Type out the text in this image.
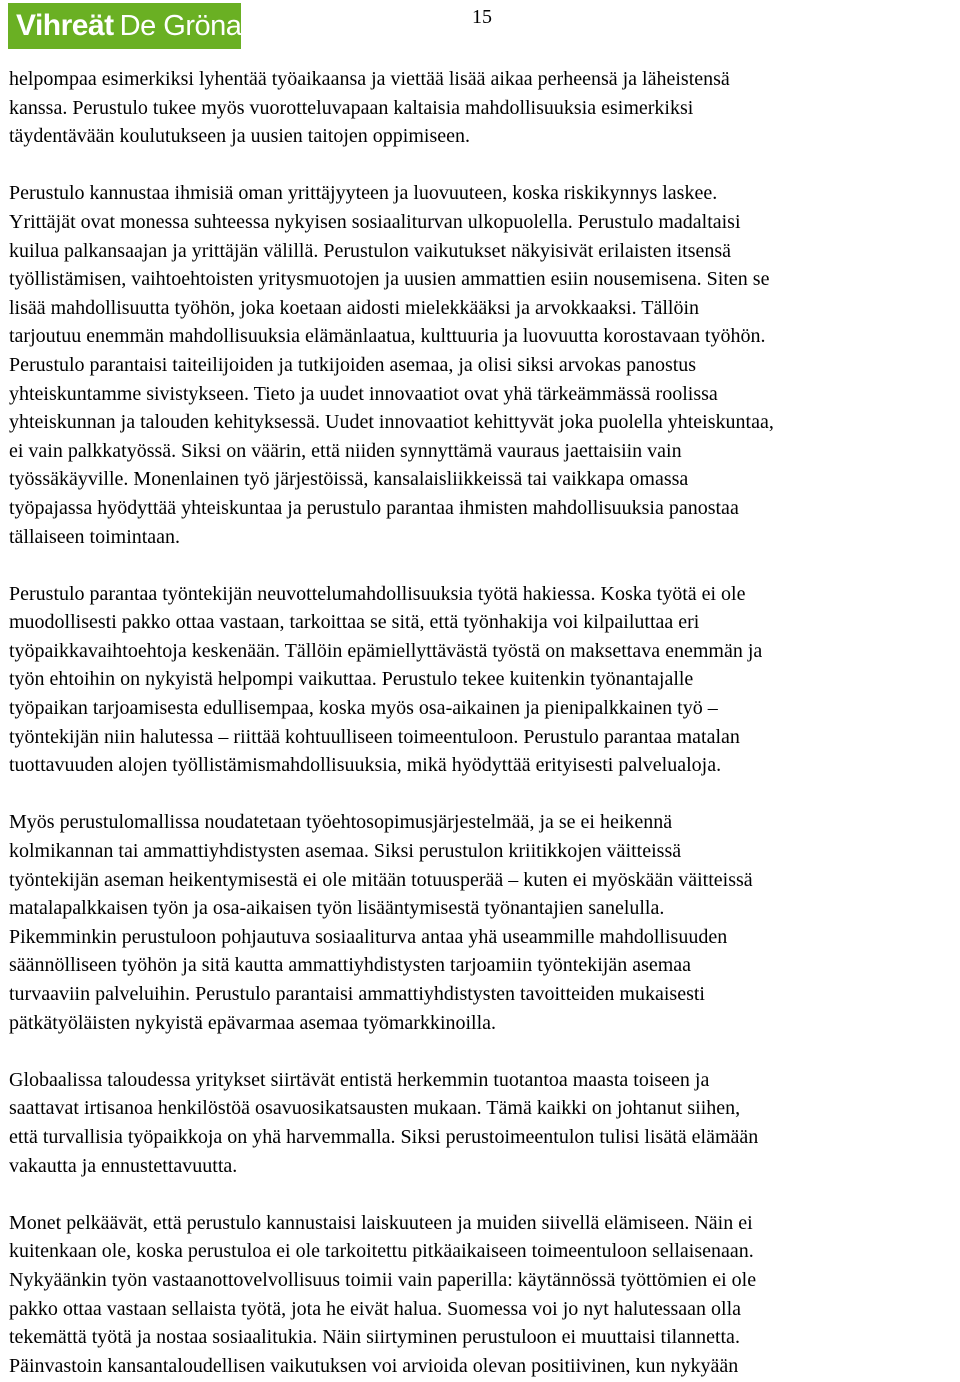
Vihreät De Gröna	15
helpompaa esimerkiksi lyhentää työaikaansa ja viettää lisää aikaa perheensä ja läheistensä
kanssa. Perustulo tukee myös vuorotteluvapaan kaltaisia mahdollisuuksia esimerkiksi
täydentävään koulutukseen ja uusien taitojen oppimiseen.
Perustulo kannustaa ihmisiä oman yrittäjyyteen ja luovuuteen, koska riskikynnys laskee.
Yrittäjät ovat monessa suhteessa nykyisen sosiaaliturvan ulkopuolella. Perustulo madaltaisi
kuilua palkansaajan ja yrittäjän välillä. Perustulon vaikutukset näkyisivät erilaisten itsensä
työllistämisen, vaihtoehtoisten yritysmuotojen ja uusien ammattien esiin nousemisena. Siten se
lisää mahdollisuutta työhön, joka koetaan aidosti mielekkääksi ja arvokkaaksi. Tällöin
tarjoutuu enemmän mahdollisuuksia elämänlaatua, kulttuuria ja luovuutta korostavaan työhön.
Perustulo parantaisi taiteilijoiden ja tutkijoiden asemaa, ja olisi siksi arvokas panostus
yhteiskuntamme sivistykseen. Tieto ja uudet innovaatiot ovat yhä tärkeämmässä roolissa
yhteiskunnan ja talouden kehityksessä. Uudet innovaatiot kehittyvät joka puolella yhteiskuntaa,
ei vain palkkatyössä. Siksi on väärin, että niiden synnyttämä vauraus jaettaisiin vain
työssäkäyville. Monenlainen työ järjestöissä, kansalaisliikkeissä tai vaikkapa omassa
työpajassa hyödyttää yhteiskuntaa ja perustulo parantaa ihmisten mahdollisuuksia panostaa
tällaiseen toimintaan.
Perustulo parantaa työntekijän neuvottelumahdollisuuksia työtä hakiessa. Koska työtä ei ole
muodollisesti pakko ottaa vastaan, tarkoittaa se sitä, että työnhakija voi kilpailuttaa eri
työpaikkavaihtoehtoja keskenään. Tällöin epämiellyttävästä työstä on maksettava enemmän ja
työn ehtoihin on nykyistä helpompi vaikuttaa. Perustulo tekee kuitenkin työnantajalle
työpaikan tarjoamisesta edullisempaa, koska myös osa-aikainen ja pienipalkkainen työ –
työntekijän niin halutessa – riittää kohtuulliseen toimeentuloon. Perustulo parantaa matalan
tuottavuuden alojen työllistämismahdollisuuksia, mikä hyödyttää erityisesti palvelualoja.
Myös perustulomallissa noudatetaan työehtosopimusjärjestelmää, ja se ei heikennä
kolmikannan tai ammattiyhdistysten asemaa. Siksi perustulon kriitikkojen väitteissä
työntekijän aseman heikentymisestä ei ole mitään totuusperää – kuten ei myöskään väitteissä
matalapalkkaisen työn ja osa-aikaisen työn lisääntymisestä työnantajien sanelulla.
Pikemminkin perustuloon pohjautuva sosiaaliturva antaa yhä useammille mahdollisuuden
säännölliseen työhön ja sitä kautta ammattiyhdistysten tarjoamiin työntekijän asemaa
turvaaviin palveluihin. Perustulo parantaisi ammattiyhdistysten tavoitteiden mukaisesti
pätkätyöläisten nykyistä epävarmaa asemaa työmarkkinoilla.
Globaalissa taloudessa yritykset siirtävät entistä herkemmin tuotantoa maasta toiseen ja
saattavat irtisanoa henkilöstöä osavuosikatsausten mukaan. Tämä kaikki on johtanut siihen,
että turvallisia työpaikkoja on yhä harvemmalla. Siksi perustoimeentulon tulisi lisätä elämään
vakautta ja ennustettavuutta.
Monet pelkäävät, että perustulo kannustaisi laiskuuteen ja muiden siivellä elämiseen. Näin ei
kuitenkaan ole, koska perustuloa ei ole tarkoitettu pitkäaikaiseen toimeentuloon sellaisenaan.
Nykyäänkin työn vastaanottovelvollisuus toimii vain paperilla: käytännössä työttömien ei ole
pakko ottaa vastaan sellaista työtä, jota he eivät halua. Suomessa voi jo nyt halutessaan olla
tekemättä työtä ja nostaa sosiaalitukia. Näin siirtyminen perustuloon ei muuttaisi tilannetta.
Päinvastoin kansantaloudellisen vaikutuksen voi arvioida olevan positiivinen, kun nykyään
